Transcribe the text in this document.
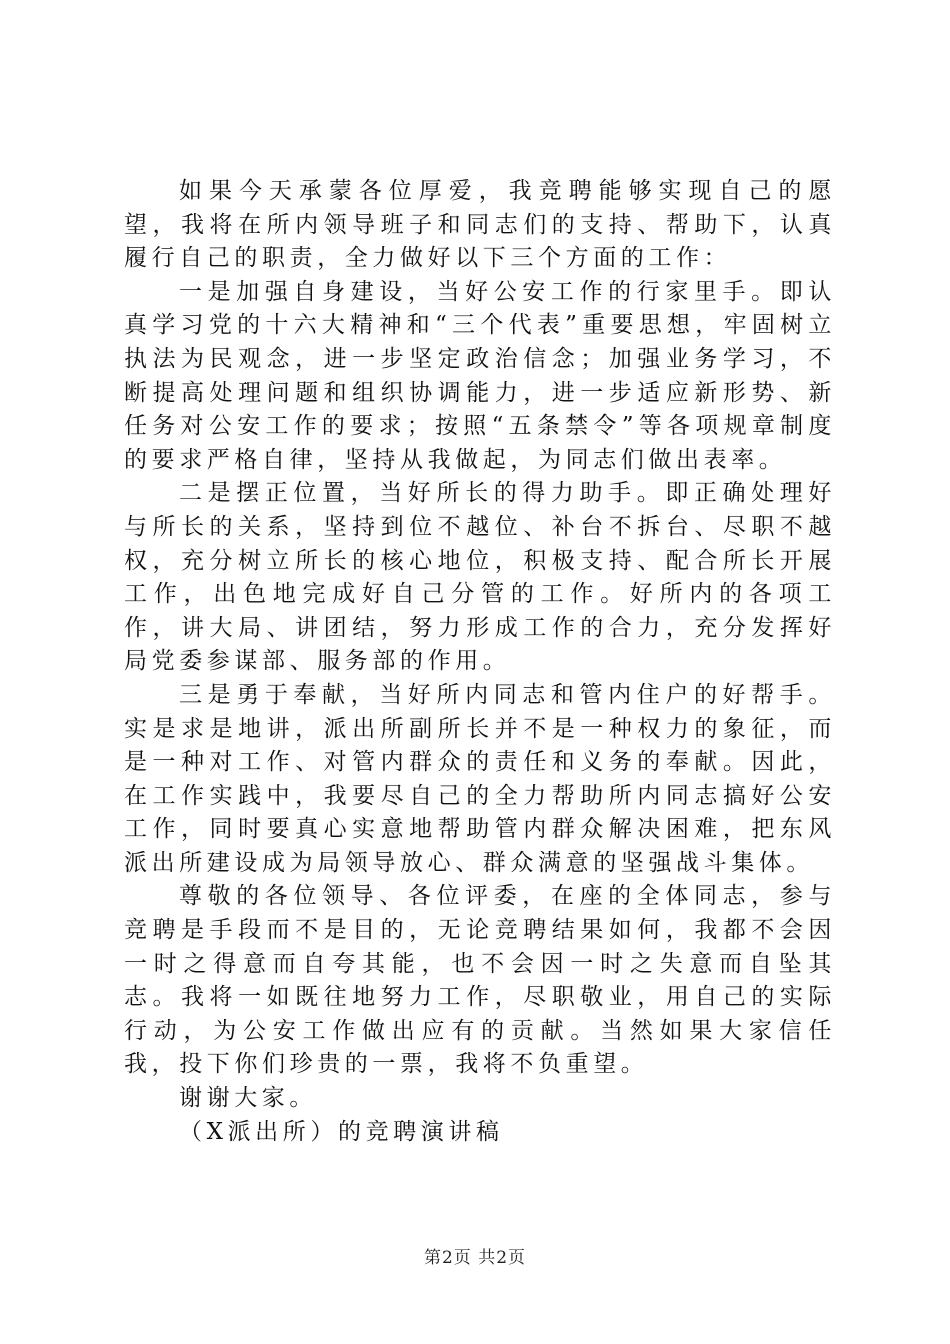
如果今天承蒙各位厚爱，我竞聘能够实现自己的愿望，我将在所内领导班子和同志们的支持、帮助下，认真履行自己的职责，全力做好以下三个方面的工作：

一是加强自身建设，当好公安工作的行家里手。即认真学习党的十六大精神和“三个代表”重要思想，牢固树立执法为民观念，进一步坚定政治信念；加强业务学习，不断提高处理问题和组织协调能力，进一步适应新形势、新任务对公安工作的要求；按照“五条禁令”等各项规章制度的要求严格自律，坚持从我做起，为同志们做出表率。

二是摆正位置，当好所长的得力助手。即正确处理好与所长的关系，坚持到位不越位、补台不拆台、尽职不越权，充分树立所长的核心地位，积极支持、配合所长开展工作，出色地完成好自己分管的工作。好所内的各项工作，讲大局、讲团结，努力形成工作的合力，充分发挥好局党委参谋部、服务部的作用。

三是勇于奉献，当好所内同志和管内住户的好帮手。实是求是地讲，派出所副所长并不是一种权力的象征，而是一种对工作、对管内群众的责任和义务的奉献。因此，在工作实践中，我要尽自己的全力帮助所内同志搞好公安工作，同时要真心实意地帮助管内群众解决困难，把东风派出所建设成为局领导放心、群众满意的坚强战斗集体。

尊敬的各位领导、各位评委，在座的全体同志，参与竞聘是手段而不是目的，无论竞聘结果如何，我都不会因一时之得意而自夸其能，也不会因一时之失意而自坠其志。我将一如既往地努力工作，尽职敬业，用自己的实际行动，为公安工作做出应有的贡献。当然如果大家信任我，投下你们珍贵的一票，我将不负重望。

谢谢大家。

（X派出所）的竞聘演讲稿

第2页 共2页
